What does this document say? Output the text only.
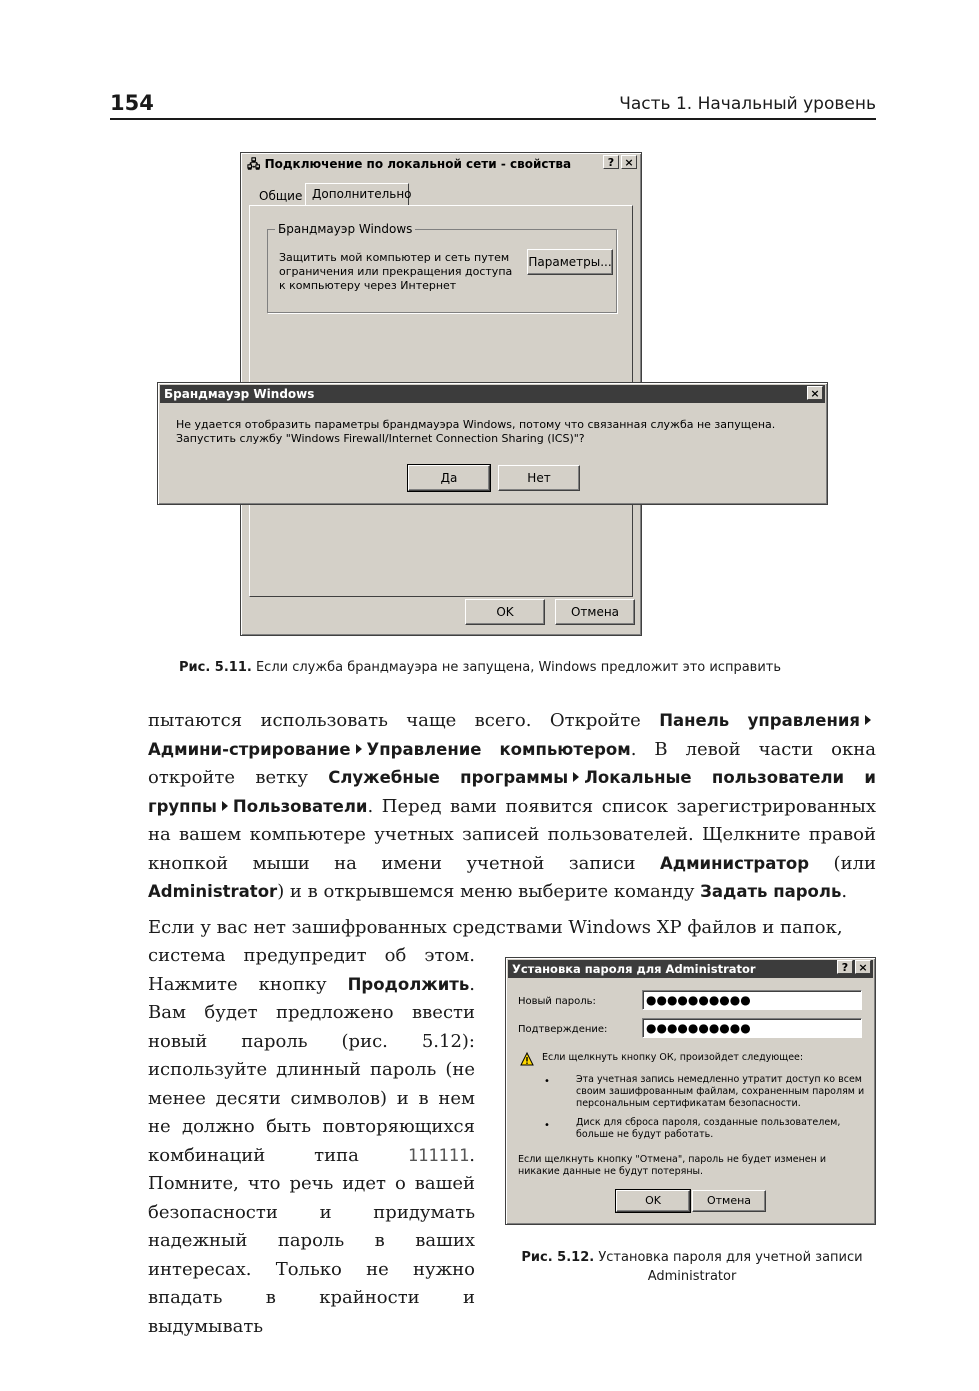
154	Часть 1. Начальный уровень
🖧 Подключение по локальной сети - свойства	? ×
Общие Дополнительно
Брандмауэр Windows
Защитить мой компьютер и сеть путем ограничения или прекращения доступа к компьютеру через Интернет
Параметры...
OK	Отмена
Брандмауэр Windows	×
Не удается отобразить параметры брандмауэра Windows, потому что связанная служба не запущена. Запустить службу "Windows Firewall/Internet Connection Sharing (ICS)"?
Да	Нет
Рис. 5.11. Если служба брандмауэра не запущена, Windows предложит это исправить
пытаются использовать чаще всего. Откройте Панель управленияАдмини-стрирование Управление компьютером. В левой части окна откройте ветку Служебные программы Локальные пользователи и группы Пользователи. Перед вами появится список зарегистрированных на вашем компьютере учетных записей пользователей. Щелкните правой кнопкой мыши на имени учетной записи Администратор (или Administrator) и в открывшемся меню выберите команду Задать пароль.
Если у вас нет зашифрованных средствами Windows XP файлов и папок,
система предупредит об этом. Нажмите кнопку Продолжить. Вам будет предложено ввести новый пароль (рис. 5.12): используйте длинный пароль (не менее десяти символов) и в нем не должно быть повторяющихся комбинаций типа 111111. Помните, что речь идет о вашей безопасности и придумать надежный пароль в ваших интересах. Только не нужно впадать в крайности и выдумывать
Установка пароля для Administrator	? ×
Новый пароль:	●●●●●●●●●●
Подтверждение:	●●●●●●●●●●
Если щелкнуть кнопку ОК, произойдет следующее:
•	Эта учетная запись немедленно утратит доступ ко всем своим зашифрованным файлам, сохраненным паролям и персональным сертификатам безопасности.
•	Диск для сброса пароля, созданные пользователем, больше не будут работать.
Если щелкнуть кнопку "Отмена", пароль не будет изменен и никакие данные не будут потеряны.
OK	Отмена
Рис. 5.12. Установка пароля для учетной записи Administrator
